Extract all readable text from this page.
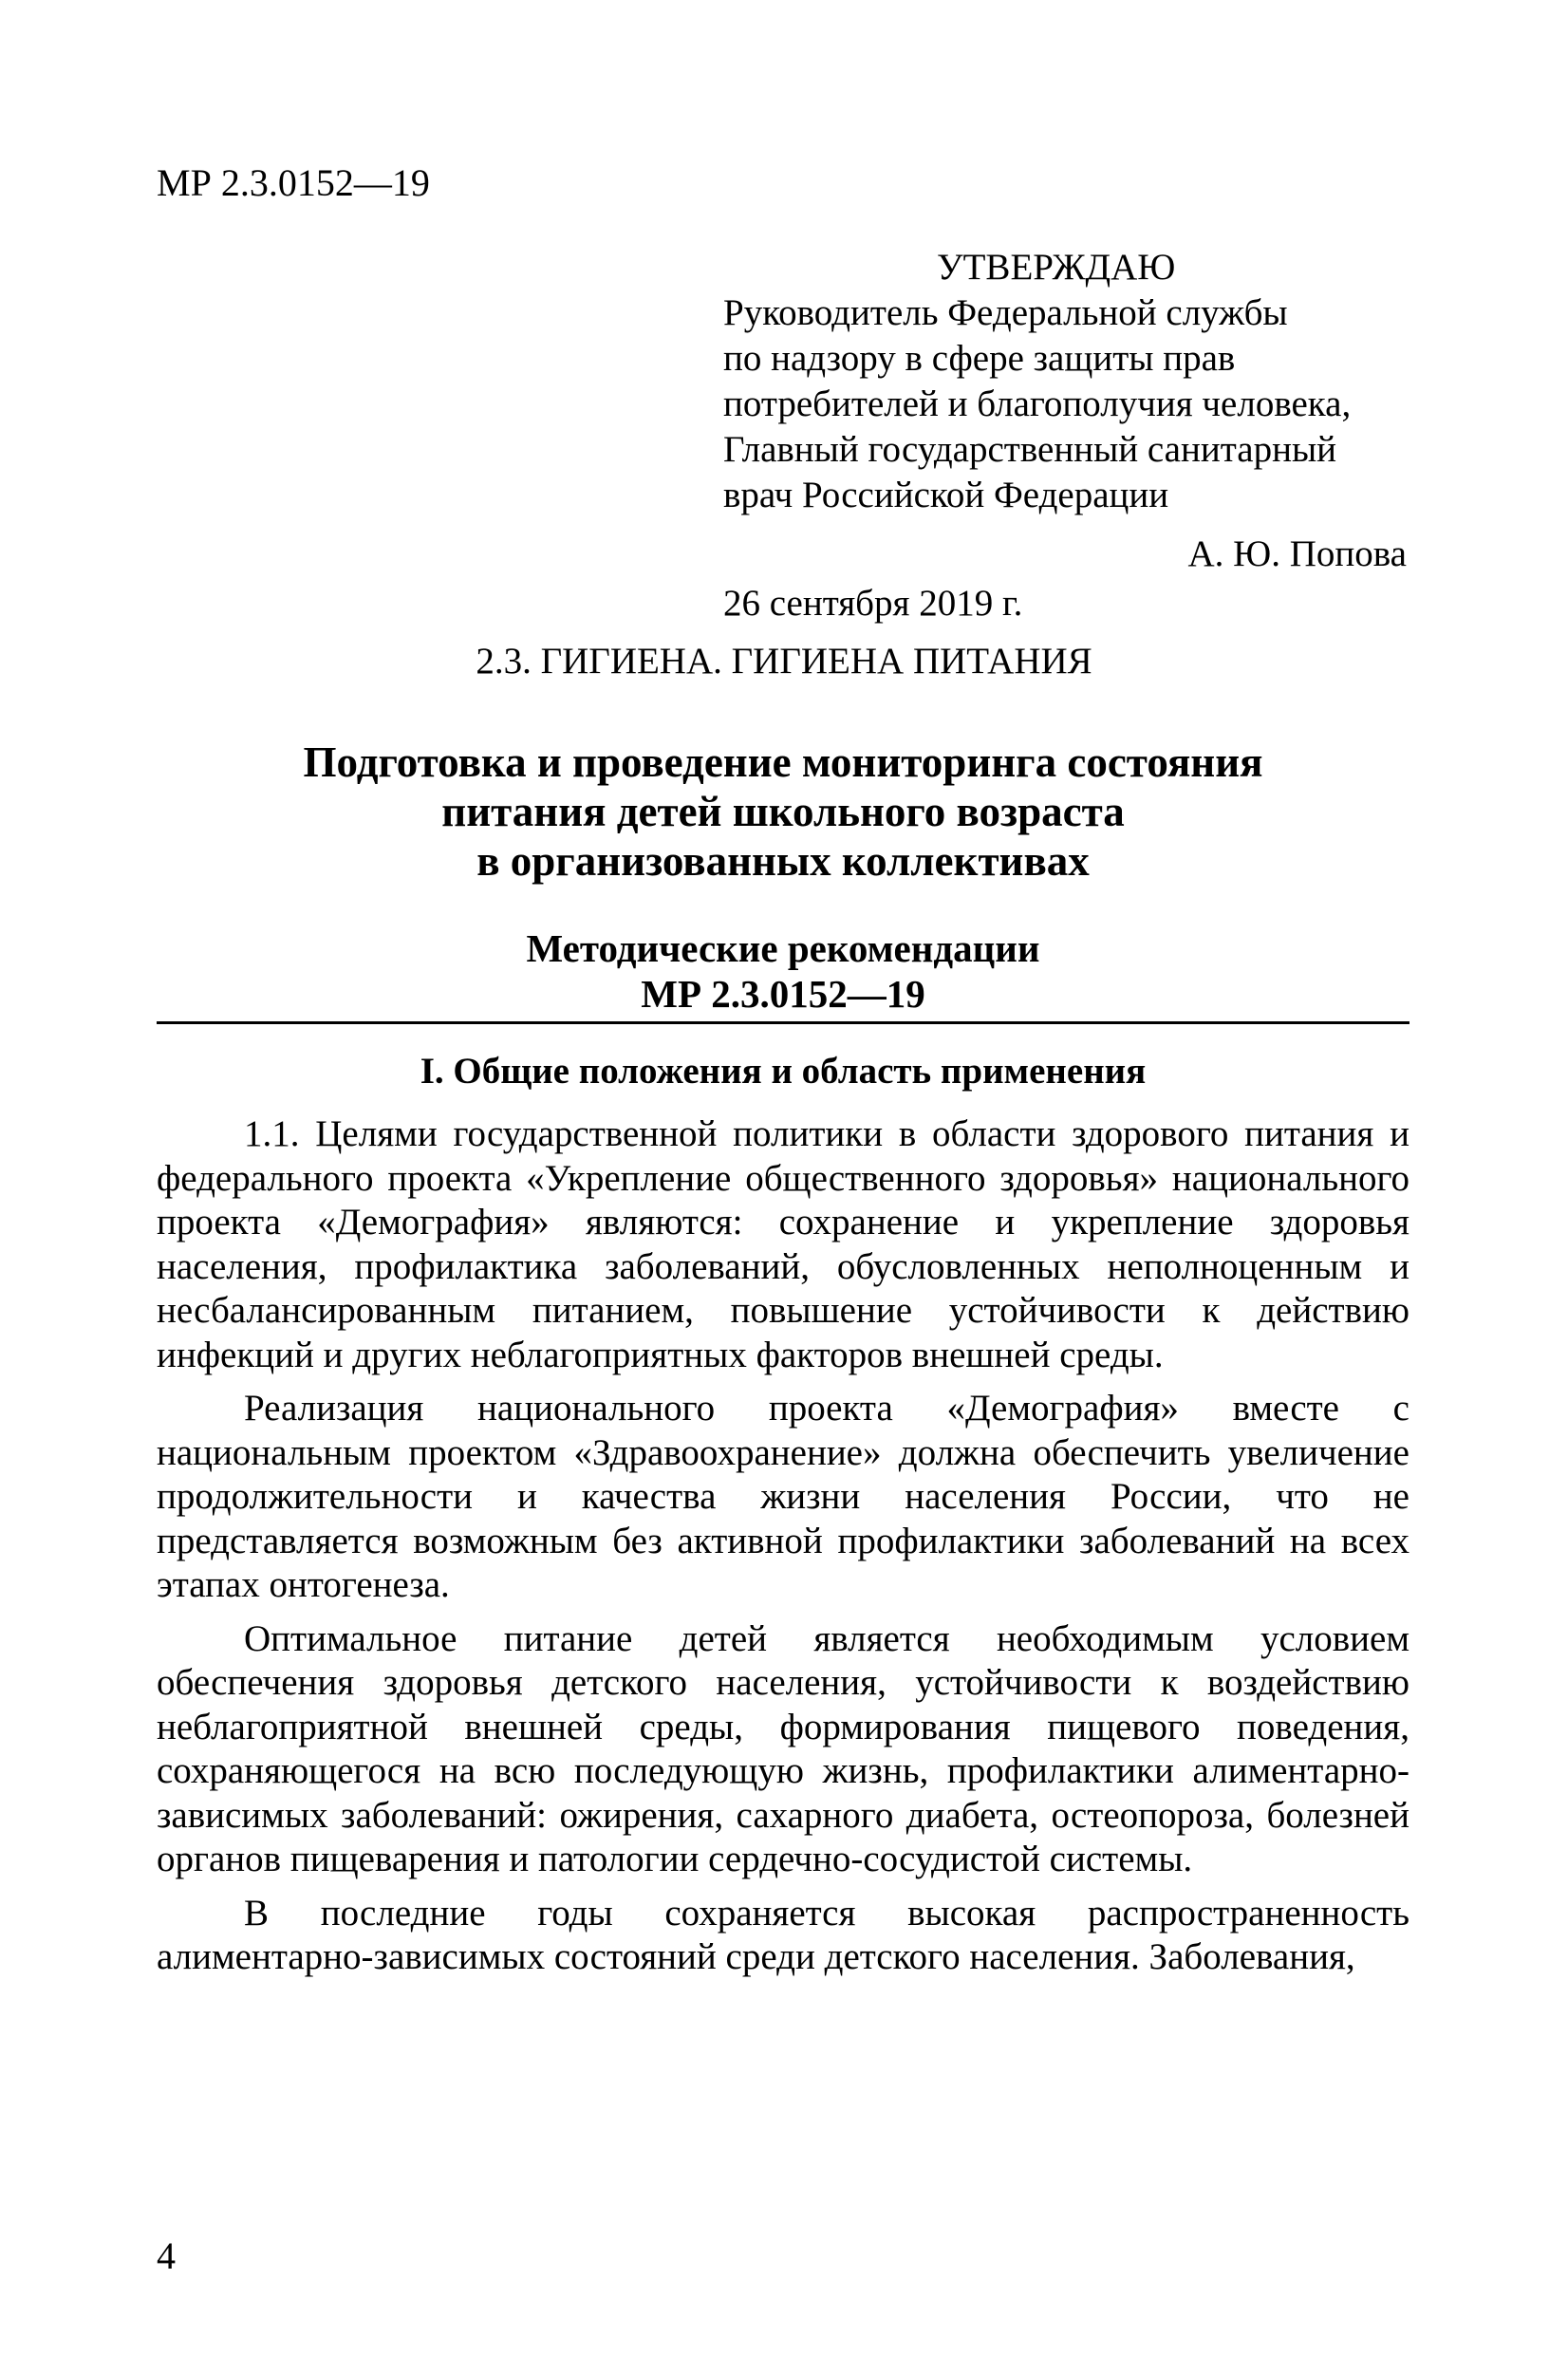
МР 2.3.0152—19
УТВЕРЖДАЮ
Руководитель Федеральной службы
по надзору в сфере защиты прав
потребителей и благополучия человека,
Главный государственный санитарный
врач Российской Федерации
А. Ю. Попова
26 сентября 2019 г.
2.3. ГИГИЕНА. ГИГИЕНА ПИТАНИЯ
Подготовка и проведение мониторинга состояния
питания детей школьного возраста
в организованных коллективах
Методические рекомендации
МР 2.3.0152—19
I. Общие положения и область применения

1.1. Целями государственной политики в области здорового питания и федерального проекта «Укрепление общественного здоровья» национального проекта «Демография» являются: сохранение и укрепление здоровья населения, профилактика заболеваний, обусловленных неполноценным и несбалансированным питанием, повышение устойчивости к действию инфекций и других неблагоприятных факторов внешней среды.

Реализация национального проекта «Демография» вместе с национальным проектом «Здравоохранение» должна обеспечить увеличение продолжительности и качества жизни населения России, что не представляется возможным без активной профилактики заболеваний на всех этапах онтогенеза.

Оптимальное питание детей является необходимым условием обеспечения здоровья детского населения, устойчивости к воздействию неблагоприятной внешней среды, формирования пищевого поведения, сохраняющегося на всю последующую жизнь, профилактики алиментарно-зависимых заболеваний: ожирения, сахарного диабета, остеопороза, болезней органов пищеварения и патологии сердечно-сосудистой системы.

В последние годы сохраняется высокая распространенность алиментарно-зависимых состояний среди детского населения. Заболевания,

4
